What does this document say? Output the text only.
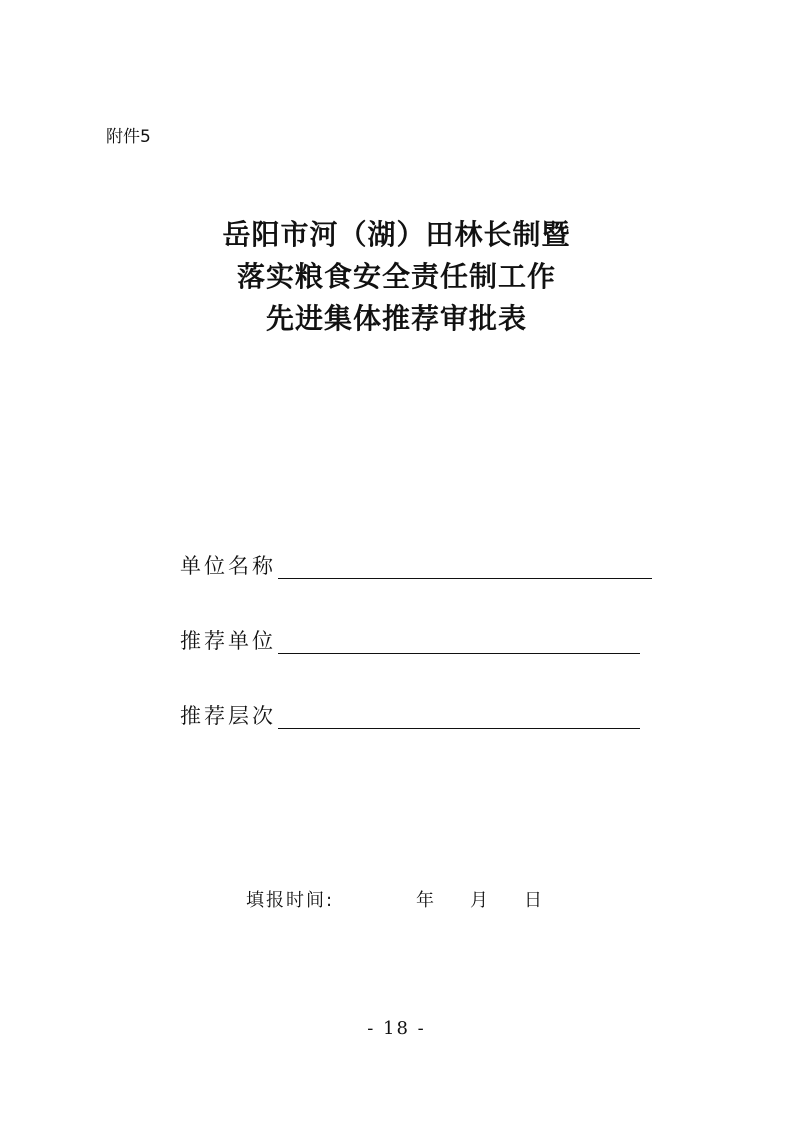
附件5
岳阳市河（湖）田林长制暨
落实粮食安全责任制工作
先进集体推荐审批表
单位名称
推荐单位
推荐层次
填报时间:	年 月 日
- 18 -
